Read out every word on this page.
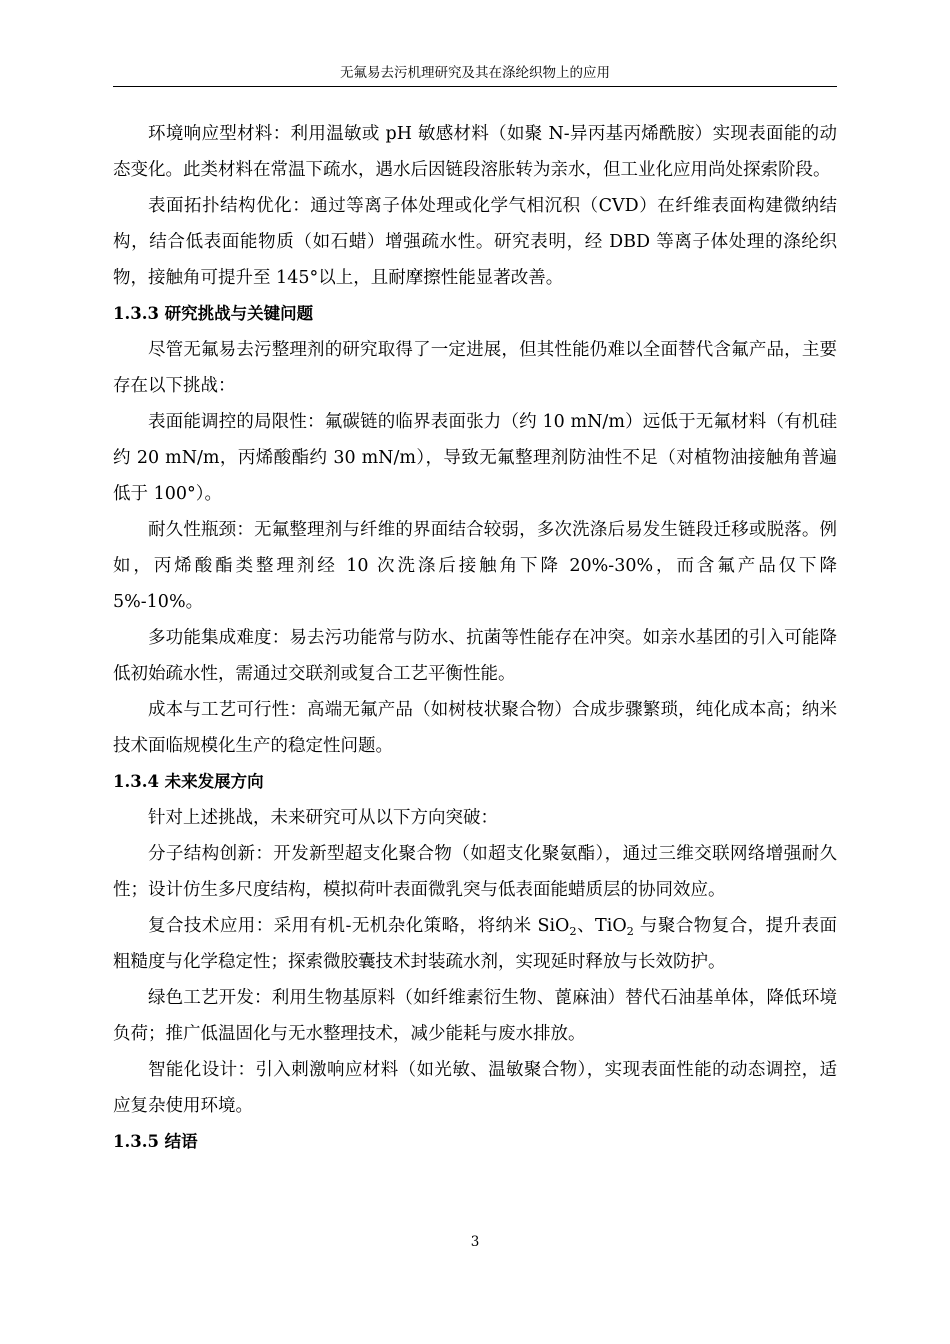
无氟易去污机理研究及其在涤纶织物上的应用

环境响应型材料：利用温敏或 pH 敏感材料（如聚 N-异丙基丙烯酰胺）实现表面能的动态变化。此类材料在常温下疏水，遇水后因链段溶胀转为亲水，但工业化应用尚处探索阶段。

表面拓扑结构优化：通过等离子体处理或化学气相沉积（CVD）在纤维表面构建微纳结构，结合低表面能物质（如石蜡）增强疏水性。研究表明，经 DBD 等离子体处理的涤纶织物，接触角可提升至 145°以上，且耐摩擦性能显著改善。

1.3.3 研究挑战与关键问题

尽管无氟易去污整理剂的研究取得了一定进展，但其性能仍难以全面替代含氟产品，主要存在以下挑战：

表面能调控的局限性：氟碳链的临界表面张力（约 10 mN/m）远低于无氟材料（有机硅约 20 mN/m，丙烯酸酯约 30 mN/m），导致无氟整理剂防油性不足（对植物油接触角普遍低于 100°）。

耐久性瓶颈：无氟整理剂与纤维的界面结合较弱，多次洗涤后易发生链段迁移或脱落。例如，丙烯酸酯类整理剂经 10 次洗涤后接触角下降 20%-30%，而含氟产品仅下降 5%-10%。

多功能集成难度：易去污功能常与防水、抗菌等性能存在冲突。如亲水基团的引入可能降低初始疏水性，需通过交联剂或复合工艺平衡性能。

成本与工艺可行性：高端无氟产品（如树枝状聚合物）合成步骤繁琐，纯化成本高；纳米技术面临规模化生产的稳定性问题。

1.3.4 未来发展方向

针对上述挑战，未来研究可从以下方向突破：

分子结构创新：开发新型超支化聚合物（如超支化聚氨酯），通过三维交联网络增强耐久性；设计仿生多尺度结构，模拟荷叶表面微乳突与低表面能蜡质层的协同效应。

复合技术应用：采用有机-无机杂化策略，将纳米 SiO$_2$、TiO$_2$ 与聚合物复合，提升表面粗糙度与化学稳定性；探索微胶囊技术封装疏水剂，实现延时释放与长效防护。

绿色工艺开发：利用生物基原料（如纤维素衍生物、蓖麻油）替代石油基单体，降低环境负荷；推广低温固化与无水整理技术，减少能耗与废水排放。

智能化设计：引入刺激响应材料（如光敏、温敏聚合物），实现表面性能的动态调控，适应复杂使用环境。

1.3.5 结语
3
